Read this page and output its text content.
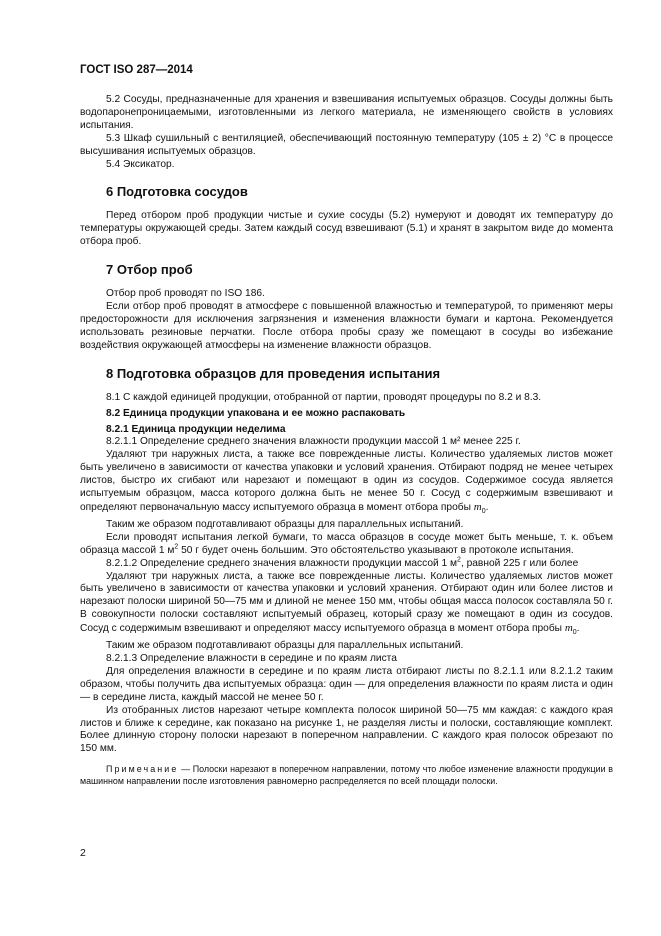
ГОСТ ISO 287—2014

5.2 Сосуды, предназначенные для хранения и взвешивания испытуемых образцов. Сосуды должны быть водопаронепроницаемыми, изготовленными из легкого материала, не изменяющего свойств в условиях испытания.

5.3 Шкаф сушильный с вентиляцией, обеспечивающий постоянную температуру (105 ± 2) °С в процессе высушивания испытуемых образцов.

5.4 Эксикатор.

6 Подготовка сосудов

Перед отбором проб продукции чистые и сухие сосуды (5.2) нумеруют и доводят их температуру до температуры окружающей среды. Затем каждый сосуд взвешивают (5.1) и хранят в закрытом виде до момента отбора проб.

7 Отбор проб

Отбор проб проводят по ISO 186.

Если отбор проб проводят в атмосфере с повышенной влажностью и температурой, то применяют меры предосторожности для исключения загрязнения и изменения влажности бумаги и картона. Рекомендуется использовать резиновые перчатки. После отбора пробы сразу же помещают в сосуды во избежание воздействия окружающей атмосферы на изменение влажности образцов.

8 Подготовка образцов для проведения испытания

8.1 С каждой единицей продукции, отобранной от партии, проводят процедуры по 8.2 и 8.3.

8.2 Единица продукции упакована и ее можно распаковать

8.2.1 Единица продукции неделима

8.2.1.1 Определение среднего значения влажности продукции массой 1 м² менее 225 г.

Удаляют три наружных листа, а также все поврежденные листы. Количество удаляемых листов может быть увеличено в зависимости от качества упаковки и условий хранения. Отбирают подряд не менее четырех листов, быстро их сгибают или нарезают и помещают в один из сосудов. Содержимое сосуда является испытуемым образцом, масса которого должна быть не менее 50 г. Сосуд с содержимым взвешивают и определяют первоначальную массу испытуемого образца в момент отбора пробы $m_0$.

Таким же образом подготавливают образцы для параллельных испытаний.

Если проводят испытания легкой бумаги, то масса образцов в сосуде может быть меньше, т. к. объем образца массой 1 $м^2$ 50 г будет очень большим. Это обстоятельство указывают в протоколе испытания.

8.2.1.2 Определение среднего значения влажности продукции массой 1 $м^2$, равной 225 г или более

Удаляют три наружных листа, а также все поврежденные листы. Количество удаляемых листов может быть увеличено в зависимости от качества упаковки и условий хранения. Отбирают один или более листов и нарезают полоски шириной 50—75 мм и длиной не менее 150 мм, чтобы общая масса полосок составляла 50 г. В совокупности полоски составляют испытуемый образец, который сразу же помещают в один из сосудов. Сосуд с содержимым взвешивают и определяют массу испытуемого образца в момент отбора пробы $m_0$.

Таким же образом подготавливают образцы для параллельных испытаний.

8.2.1.3 Определение влажности в середине и по краям листа

Для определения влажности в середине и по краям листа отбирают листы по 8.2.1.1 или 8.2.1.2 таким образом, чтобы получить два испытуемых образца: один — для определения влажности по краям листа и один — в середине листа, каждый массой не менее 50 г.

Из отобранных листов нарезают четыре комплекта полосок шириной 50—75 мм каждая: с каждого края листов и ближе к середине, как показано на рисунке 1, не разделяя листы и полоски, составляющие комплект. Более длинную сторону полоски нарезают в поперечном направлении. С каждого края полосок обрезают по 150 мм.

Примечание — Полоски нарезают в поперечном направлении, потому что любое изменение влажности продукции в машинном направлении после изготовления равномерно распределяется по всей площади полоски.

2
